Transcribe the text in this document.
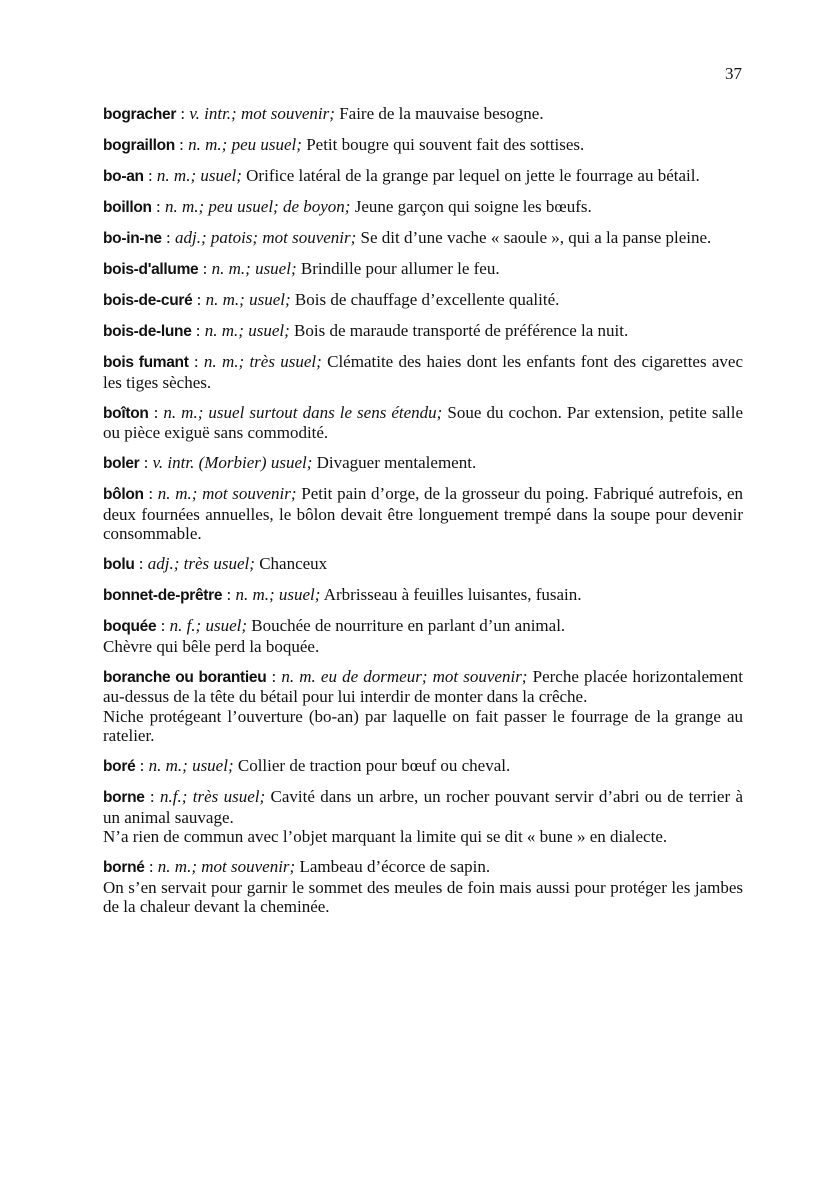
37

bogracher : v. intr.; mot souvenir; Faire de la mauvaise besogne.

bograillon : n. m.; peu usuel; Petit bougre qui souvent fait des sottises.

bo-an : n. m.; usuel; Orifice latéral de la grange par lequel on jette le fourrage au bétail.

boillon : n. m.; peu usuel; de boyon; Jeune garçon qui soigne les bœufs.

bo-in-ne : adj.; patois; mot souvenir; Se dit d’une vache « saoule », qui a la panse pleine.

bois-d'allume : n. m.; usuel; Brindille pour allumer le feu.

bois-de-curé : n. m.; usuel; Bois de chauffage d’excellente qualité.

bois-de-lune : n. m.; usuel; Bois de maraude transporté de préférence la nuit.

bois fumant : n. m.; très usuel; Clématite des haies dont les enfants font des cigarettes avec les tiges sèches.

boîton : n. m.; usuel surtout dans le sens étendu; Soue du cochon. Par extension, petite salle ou pièce exiguë sans commodité.

boler : v. intr. (Morbier) usuel; Divaguer mentalement.

bôlon : n. m.; mot souvenir; Petit pain d’orge, de la grosseur du poing. Fabriqué autrefois, en deux fournées annuelles, le bôlon devait être longuement trempé dans la soupe pour devenir consommable.

bolu : adj.; très usuel; Chanceux

bonnet-de-prêtre : n. m.; usuel; Arbrisseau à feuilles luisantes, fusain.

boquée : n. f.; usuel; Bouchée de nourriture en parlant d’un animal.

Chèvre qui bêle perd la boquée.

boranche ou borantieu : n. m. eu de dormeur; mot souvenir; Perche placée horizontalement au-dessus de la tête du bétail pour lui interdir de monter dans la crêche.

Niche protégeant l’ouverture (bo-an) par laquelle on fait passer le fourrage de la grange au ratelier.

boré : n. m.; usuel; Collier de traction pour bœuf ou cheval.

borne : n.f.; très usuel; Cavité dans un arbre, un rocher pouvant servir d’abri ou de terrier à un animal sauvage.

N’a rien de commun avec l’objet marquant la limite qui se dit « bune » en dialecte.

borné : n. m.; mot souvenir; Lambeau d’écorce de sapin.

On s’en servait pour garnir le sommet des meules de foin mais aussi pour protéger les jambes de la chaleur devant la cheminée.
